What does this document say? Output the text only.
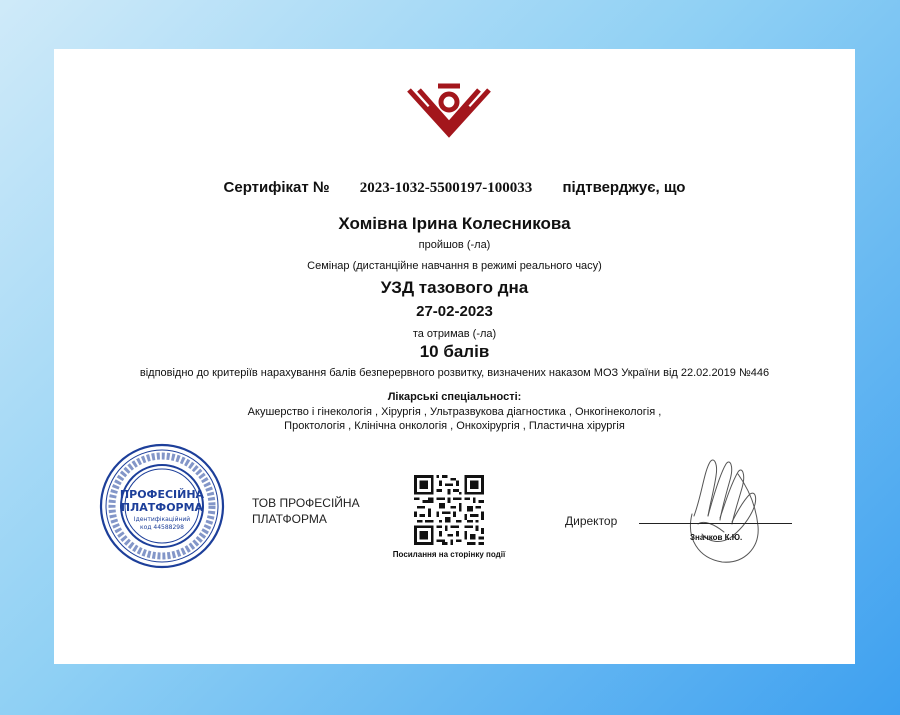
Сертифікат № 2023-1032-5500197-100033 підтверджує, що
Хомівна Ірина Колесникова
пройшов (-ла)
Семінар (дистанційне навчання в режимі реального часу)
УЗД тазового дна
27-02-2023
та отримав (-ла)
10 балів
відповідно до критеріїв нарахування балів безперервного розвитку, визначених наказом МОЗ України від 22.02.2019 №446
Лікарські спеціальності:
Акушерство і гінекологія , Хірургія , Ультразвукова діагностика , Онкогінекологія ,
Проктологія , Клінічна онкологія , Онкохірургія , Пластична хірургія
ПРОФЕСІЙНА
ПЛАТФОРМА
Ідентифікаційний
код 44588298
ТОВ ПРОФЕСІЙНА
ПЛАТФОРМА
Посилання на сторінку події
Директор
Значков К.Ю.
